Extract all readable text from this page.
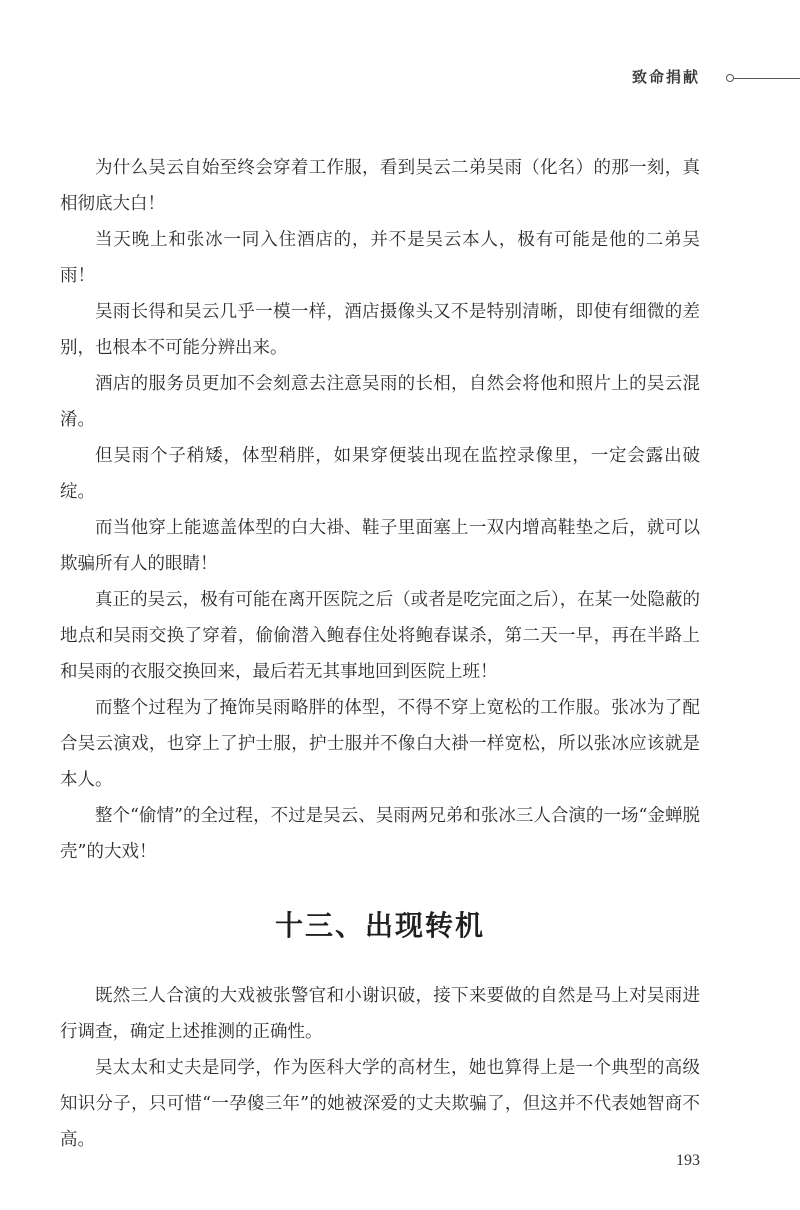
致命捐献

为什么吴云自始至终会穿着工作服，看到吴云二弟吴雨（化名）的那一刻，真相彻底大白！

当天晚上和张冰一同入住酒店的，并不是吴云本人，极有可能是他的二弟吴雨！

吴雨长得和吴云几乎一模一样，酒店摄像头又不是特别清晰，即使有细微的差别，也根本不可能分辨出来。

酒店的服务员更加不会刻意去注意吴雨的长相，自然会将他和照片上的吴云混淆。

但吴雨个子稍矮，体型稍胖，如果穿便装出现在监控录像里，一定会露出破绽。

而当他穿上能遮盖体型的白大褂、鞋子里面塞上一双内增高鞋垫之后，就可以欺骗所有人的眼睛！

真正的吴云，极有可能在离开医院之后（或者是吃完面之后），在某一处隐蔽的地点和吴雨交换了穿着，偷偷潜入鲍春住处将鲍春谋杀，第二天一早，再在半路上和吴雨的衣服交换回来，最后若无其事地回到医院上班！

而整个过程为了掩饰吴雨略胖的体型，不得不穿上宽松的工作服。张冰为了配合吴云演戏，也穿上了护士服，护士服并不像白大褂一样宽松，所以张冰应该就是本人。

整个“偷情”的全过程，不过是吴云、吴雨两兄弟和张冰三人合演的一场“金蝉脱壳”的大戏！

十三、出现转机

既然三人合演的大戏被张警官和小谢识破，接下来要做的自然是马上对吴雨进行调查，确定上述推测的正确性。

吴太太和丈夫是同学，作为医科大学的高材生，她也算得上是一个典型的高级知识分子，只可惜“一孕傻三年”的她被深爱的丈夫欺骗了，但这并不代表她智商不高。

193
